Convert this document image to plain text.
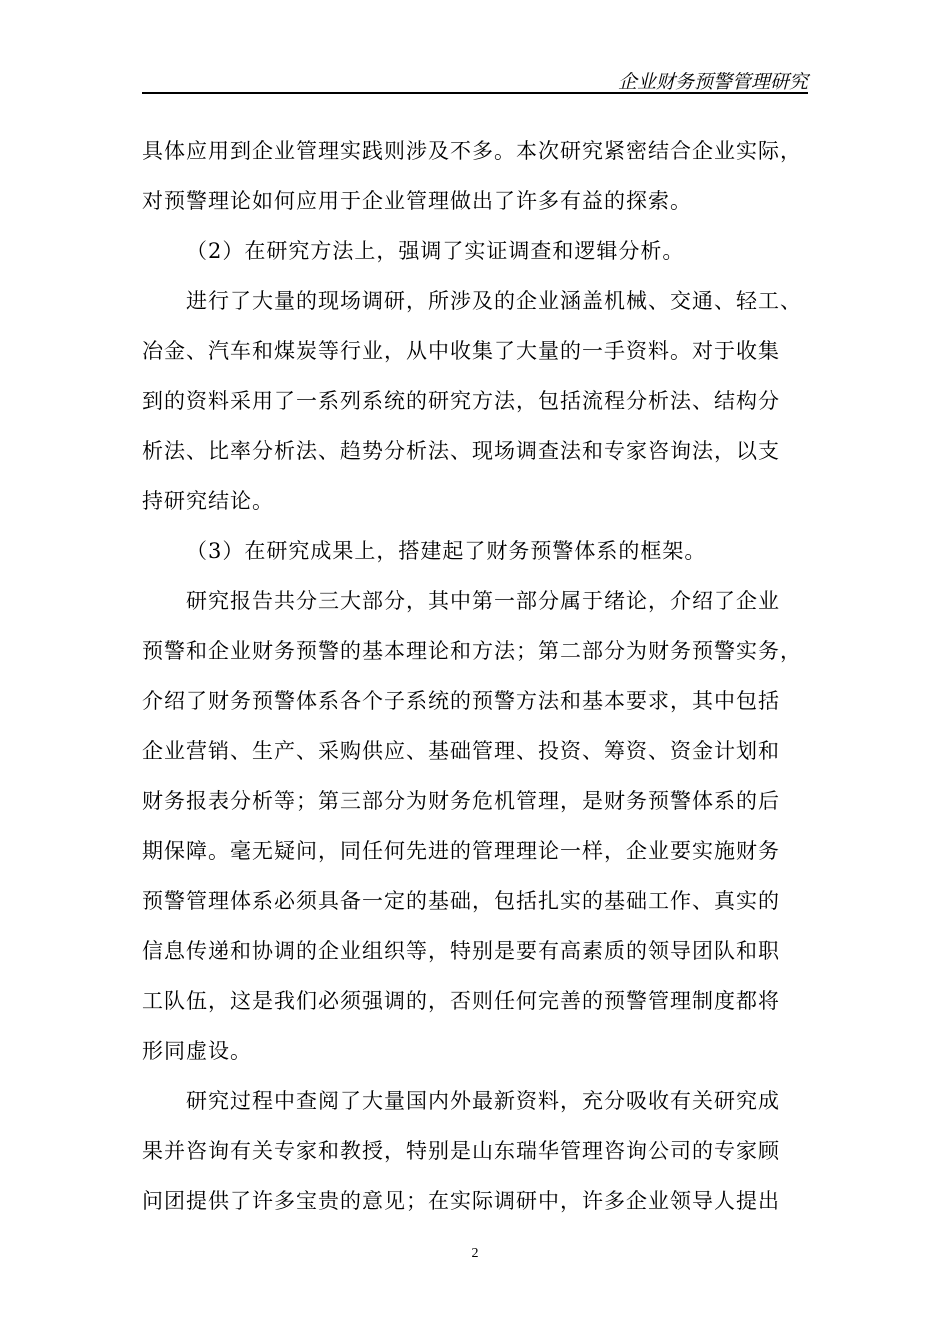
企业财务预警管理研究
具体应用到企业管理实践则涉及不多。本次研究紧密结合企业实际，
对预警理论如何应用于企业管理做出了许多有益的探索。
（2）在研究方法上，强调了实证调查和逻辑分析。
进行了大量的现场调研，所涉及的企业涵盖机械、交通、轻工、
冶金、汽车和煤炭等行业，从中收集了大量的一手资料。对于收集
到的资料采用了一系列系统的研究方法，包括流程分析法、结构分
析法、比率分析法、趋势分析法、现场调查法和专家咨询法，以支
持研究结论。
（3）在研究成果上，搭建起了财务预警体系的框架。
研究报告共分三大部分，其中第一部分属于绪论，介绍了企业
预警和企业财务预警的基本理论和方法；第二部分为财务预警实务，
介绍了财务预警体系各个子系统的预警方法和基本要求，其中包括
企业营销、生产、采购供应、基础管理、投资、筹资、资金计划和
财务报表分析等；第三部分为财务危机管理，是财务预警体系的后
期保障。毫无疑问，同任何先进的管理理论一样，企业要实施财务
预警管理体系必须具备一定的基础，包括扎实的基础工作、真实的
信息传递和协调的企业组织等，特别是要有高素质的领导团队和职
工队伍，这是我们必须强调的，否则任何完善的预警管理制度都将
形同虚设。
研究过程中查阅了大量国内外最新资料，充分吸收有关研究成
果并咨询有关专家和教授，特别是山东瑞华管理咨询公司的专家顾
问团提供了许多宝贵的意见；在实际调研中，许多企业领导人提出
2
